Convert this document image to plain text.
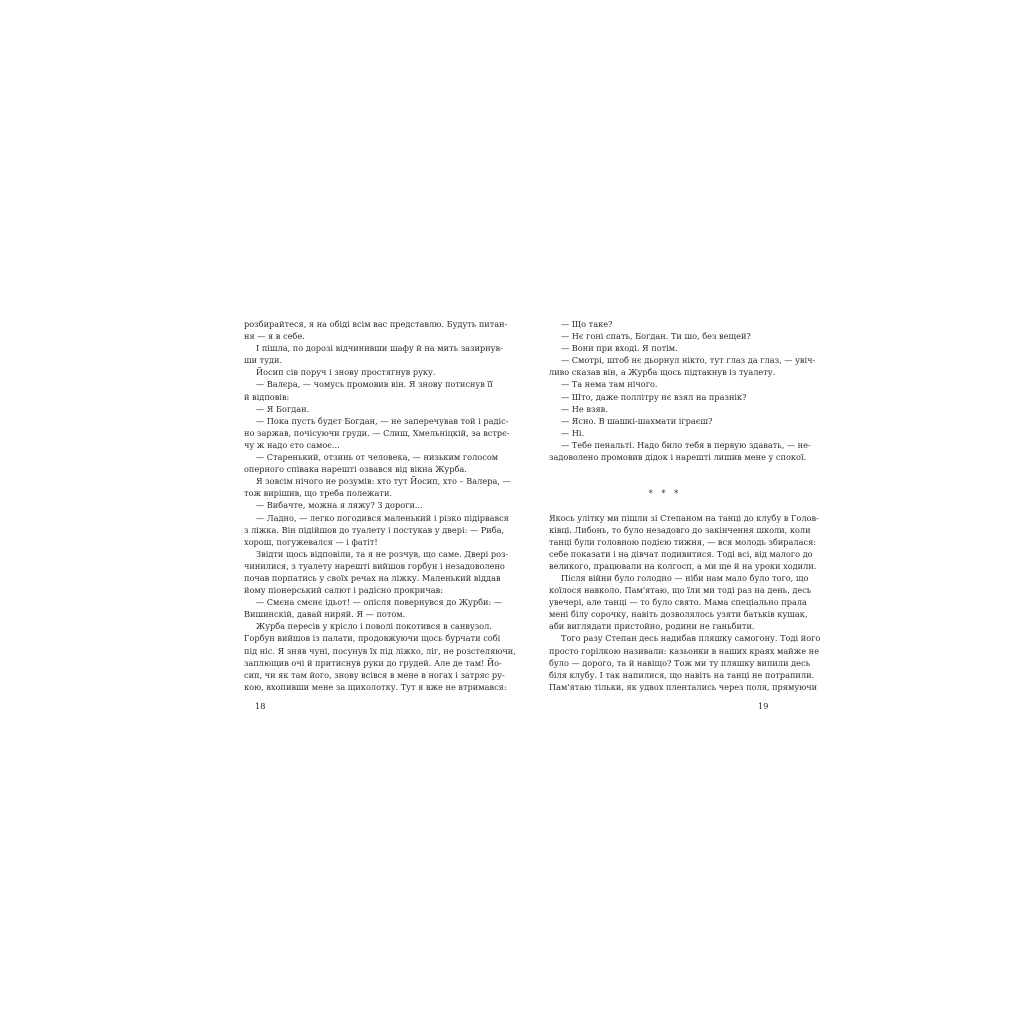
розбирайтеся, я на обіді всім вас представлю. Будуть питан-
ня — я в себе.
І пішла, по дорозі відчинивши шафу й на мить зазирнув-
ши туди.
Йосип сів поруч і знову простягнув руку.
— Валєра, — чомусь промовив він. Я знову потиснув її
й відповів:
— Я Богдан.
— Пока пусть будєт Богдан, — не заперечував той і радіс-
но заржав, почісуючи груди. — Слиш, Хмельніцкій, за встрє-
чу ж надо єто самоє...
— Старенький, отзинь от человека, — низьким голосом
оперного співака нарешті озвався від вікна Журба.
Я зовсім нічого не розумів: хто тут Йосип, хто – Валера, —
тож вирішив, що треба полежати.
— Вибачте, можна я ляжу? З дороги...
— Ладно, — легко погодився маленький і різко підірвався
з ліжка. Він підійшов до туалету і постукав у двері: — Риба,
хорош, погужевался — і фатіт!
Звідти щось відповіли, та я не розчув, що саме. Двері роз-
чинилися, з туалету нарешті вийшов горбун і незадоволено
почав порпатись у своїх речах на ліжку. Маленький віддав
йому піонерський салют і радісно прокричав:
— Смєна смєнє ідьот! — опісля повернувся до Журби: —
Вишинскій, давай ниряй. Я — потом.
Журба пересів у крісло і поволі покотився в санвузол.
Горбун вийшов із палати, продовжуючи щось бурчати собі
під ніс. Я зняв чуні, посунув їх під ліжко, ліг, не розстеляючи,
заплющив очі й притиснув руки до грудей. Але де там! Йо-
сип, чи як там його, знову всівся в мене в ногах і затряс ру-
кою, вхопивши мене за щиколотку. Тут я вже не втримався:
18
— Що таке?
— Нє гоні спать, Богдан. Ти шо, без вещей?
— Вони при вході. Я потім.
— Смотрі, штоб нє дьорнул нікто, тут глаз да глаз, — увіч-
ливо сказав він, а Журба щось підтакнув із туалету.
— Та нема там нічого.
— Што, даже поллітру нє взял на празнік?
— Не взяв.
— Ясно. В шашкі-шахмати іграєш?
— Ні.
— Тебе пенальті. Надо било тебя в первую здавать, — не-
задоволено промовив дідок і нарешті лишив мене у спокої.
* * *
Якось улітку ми пішли зі Степаном на танці до клубу в Голов-
ківці. Либонь, то було незадовго до закінчення школи, коли
танці були головною подією тижня, — вся молодь збиралася:
себе показати і на дівчат подивитися. Тоді всі, від малого до
великого, працювали на колгосп, а ми ще й на уроки ходили.
Після війни було голодно — ніби нам мало було того, що
коїлося навколо. Пам'ятаю, що їли ми тоді раз на день, десь
увечері, але танці — то було свято. Мама спеціально прала
мені білу сорочку, навіть дозволялось узяти батьків кушак,
аби виглядати пристойно, родини не ганьбити.
Того разу Степан десь надибав пляшку самогону. Тоді його
просто горілкою називали: казьонки в наших краях майже не
було — дорого, та й навіщо? Тож ми ту пляшку випили десь
біля клубу. І так напилися, що навіть на танці не потрапили.
Пам'ятаю тільки, як удвох плентались через поля, прямуючи
19
